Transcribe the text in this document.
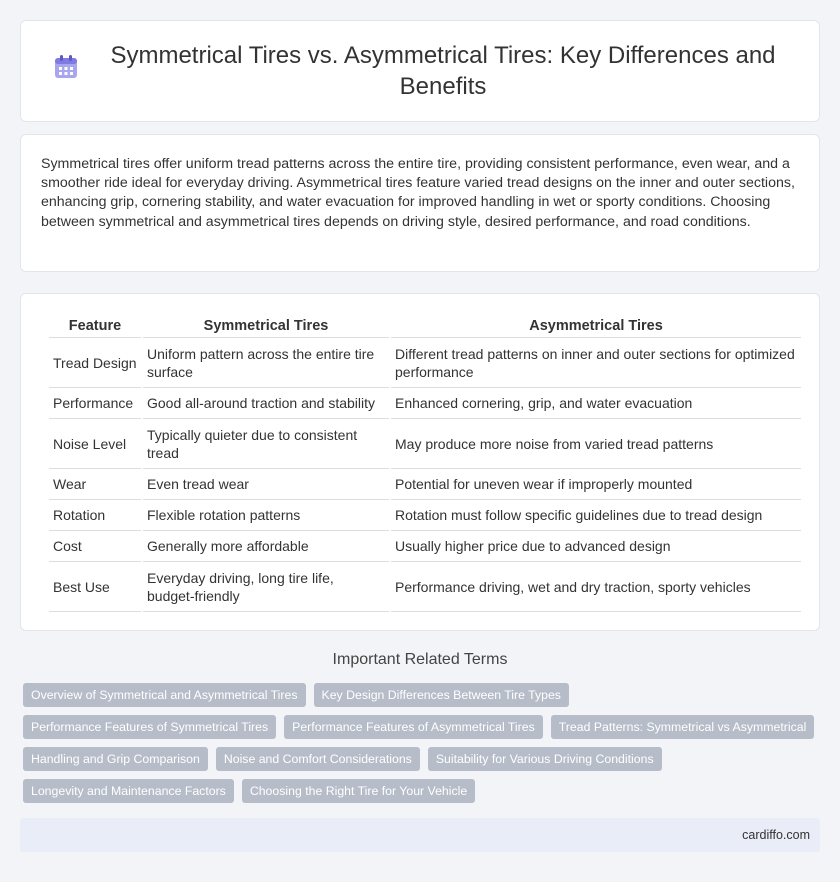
Symmetrical Tires vs. Asymmetrical Tires: Key Differences and Benefits

Symmetrical tires offer uniform tread patterns across the entire tire, providing consistent performance, even wear, and a smoother ride ideal for everyday driving. Asymmetrical tires feature varied tread designs on the inner and outer sections, enhancing grip, cornering stability, and water evacuation for improved handling in wet or sporty conditions. Choosing between symmetrical and asymmetrical tires depends on driving style, desired performance, and road conditions.

Feature	Symmetrical Tires	Asymmetrical Tires
Tread Design	Uniform pattern across the entire tire surface	Different tread patterns on inner and outer sections for optimized performance
Performance	Good all-around traction and stability	Enhanced cornering, grip, and water evacuation
Noise Level	Typically quieter due to consistent tread	May produce more noise from varied tread patterns
Wear	Even tread wear	Potential for uneven wear if improperly mounted
Rotation	Flexible rotation patterns	Rotation must follow specific guidelines due to tread design
Cost	Generally more affordable	Usually higher price due to advanced design
Best Use	Everyday driving, long tire life, budget-friendly	Performance driving, wet and dry traction, sporty vehicles
Important Related Terms
Overview of Symmetrical and Asymmetrical Tires	Key Design Differences Between Tire Types
Performance Features of Symmetrical Tires	Performance Features of Asymmetrical Tires	Tread Patterns: Symmetrical vs Asymmetrical
Handling and Grip Comparison	Noise and Comfort Considerations	Suitability for Various Driving Conditions
Longevity and Maintenance Factors	Choosing the Right Tire for Your Vehicle
cardiffo.com
